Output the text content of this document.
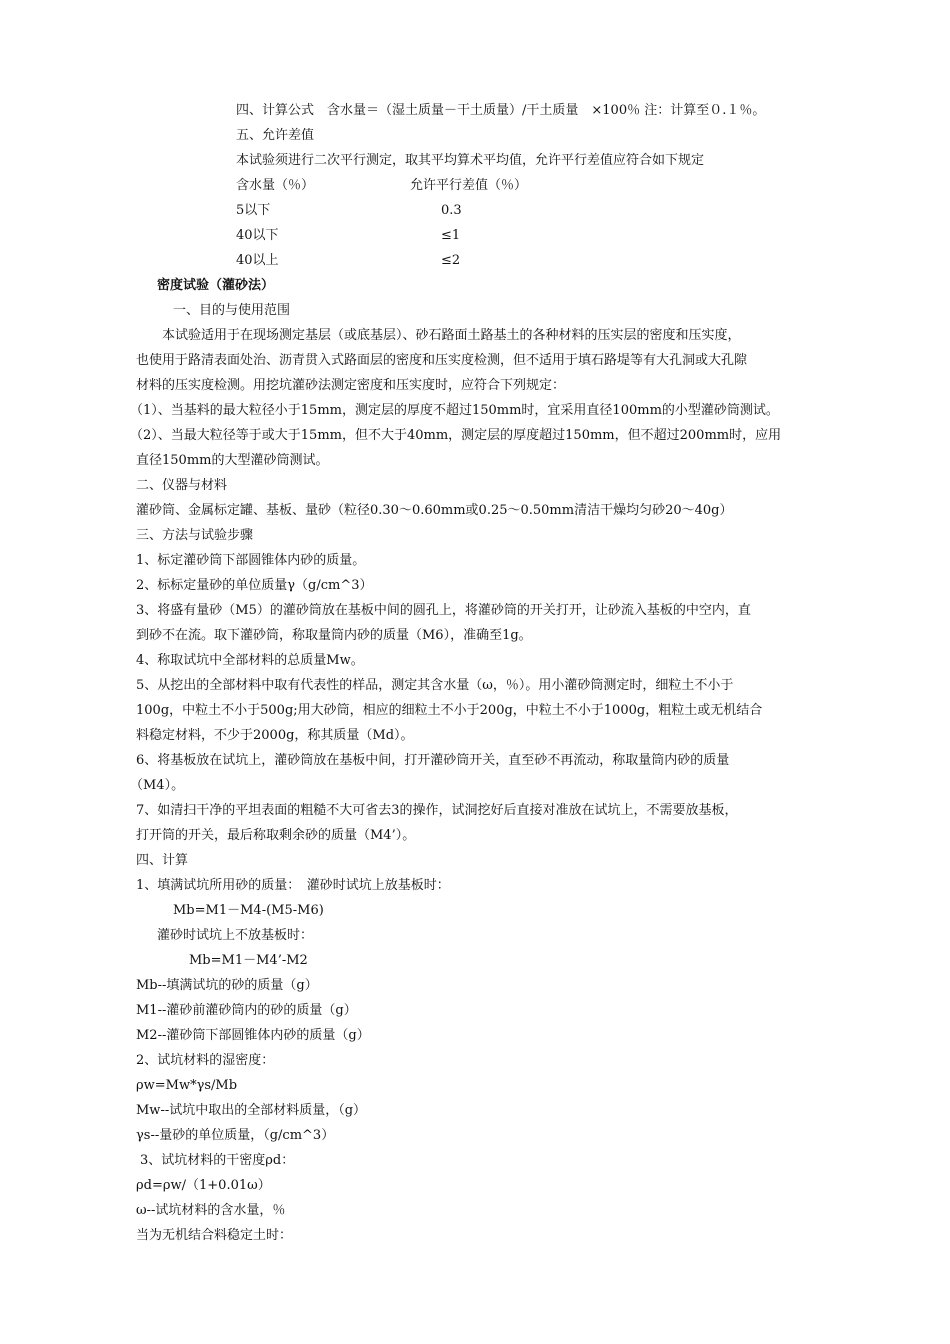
四、计算公式　含水量＝（湿土质量－干土质量）/干土质量　×100％ 注：计算至０.１％。
五、允许差值
本试验须进行二次平行测定，取其平均算术平均值，允许平行差值应符合如下规定
含水量（％）	允许平行差值（％）
5以下	0.3
40以下	≤1
40以上	≤2
密度试验（灌砂法）
一、目的与使用范围
本试验适用于在现场测定基层（或底基层）、砂石路面土路基土的各种材料的压实层的密度和压实度，
也使用于路清表面处治、沥青贯入式路面层的密度和压实度检测，但不适用于填石路堤等有大孔洞或大孔隙
材料的压实度检测。用挖坑灌砂法测定密度和压实度时，应符合下列规定：
（1）、当基料的最大粒径小于15mm，测定层的厚度不超过150mm时，宜采用直径100mm的小型灌砂筒测试。
（2）、当最大粒径等于或大于15mm，但不大于40mm，测定层的厚度超过150mm，但不超过200mm时，应用
直径150mm的大型灌砂筒测试。
二、仪器与材料
灌砂筒、金属标定罐、基板、量砂（粒径0.30～0.60mm或0.25～0.50mm清洁干燥均匀砂20～40g）
三、方法与试验步骤
1、标定灌砂筒下部圆锥体内砂的质量。
2、标标定量砂的单位质量γ（g/cm^3）
3、将盛有量砂（M5）的灌砂筒放在基板中间的圆孔上，将灌砂筒的开关打开，让砂流入基板的中空内，直
到砂不在流。取下灌砂筒，称取量筒内砂的质量（M6），准确至1g。
4、称取试坑中全部材料的总质量Mw。
5、从挖出的全部材料中取有代表性的样品，测定其含水量（ω，％）。用小灌砂筒测定时，细粒土不小于
100g，中粒土不小于500g;用大砂筒，相应的细粒土不小于200g，中粒土不小于1000g，粗粒土或无机结合
料稳定材料，不少于2000g，称其质量（Md）。
6、将基板放在试坑上，灌砂筒放在基板中间，打开灌砂筒开关，直至砂不再流动，称取量筒内砂的质量
（M4）。
7、如清扫干净的平坦表面的粗糙不大可省去3的操作，试洞挖好后直接对准放在试坑上，不需要放基板，
打开筒的开关，最后称取剩余砂的质量（M4’）。
四、计算
1、填满试坑所用砂的质量：　灌砂时试坑上放基板时：
Mb=M1－M4-(M5-M6)
灌砂时试坑上不放基板时：
Mb=M1－M4’-M2
Mb--填满试坑的砂的质量（g）
M1--灌砂前灌砂筒内的砂的质量（g）
M2--灌砂筒下部圆锥体内砂的质量（g）
2、试坑材料的湿密度：
ρw=Mw*γs/Mb
Mw--试坑中取出的全部材料质量，（g）
γs--量砂的单位质量，（g/cm^3）
3、试坑材料的干密度ρd：
ρd=ρw/（1+0.01ω）
ω--试坑材料的含水量，％
当为无机结合料稳定土时：
